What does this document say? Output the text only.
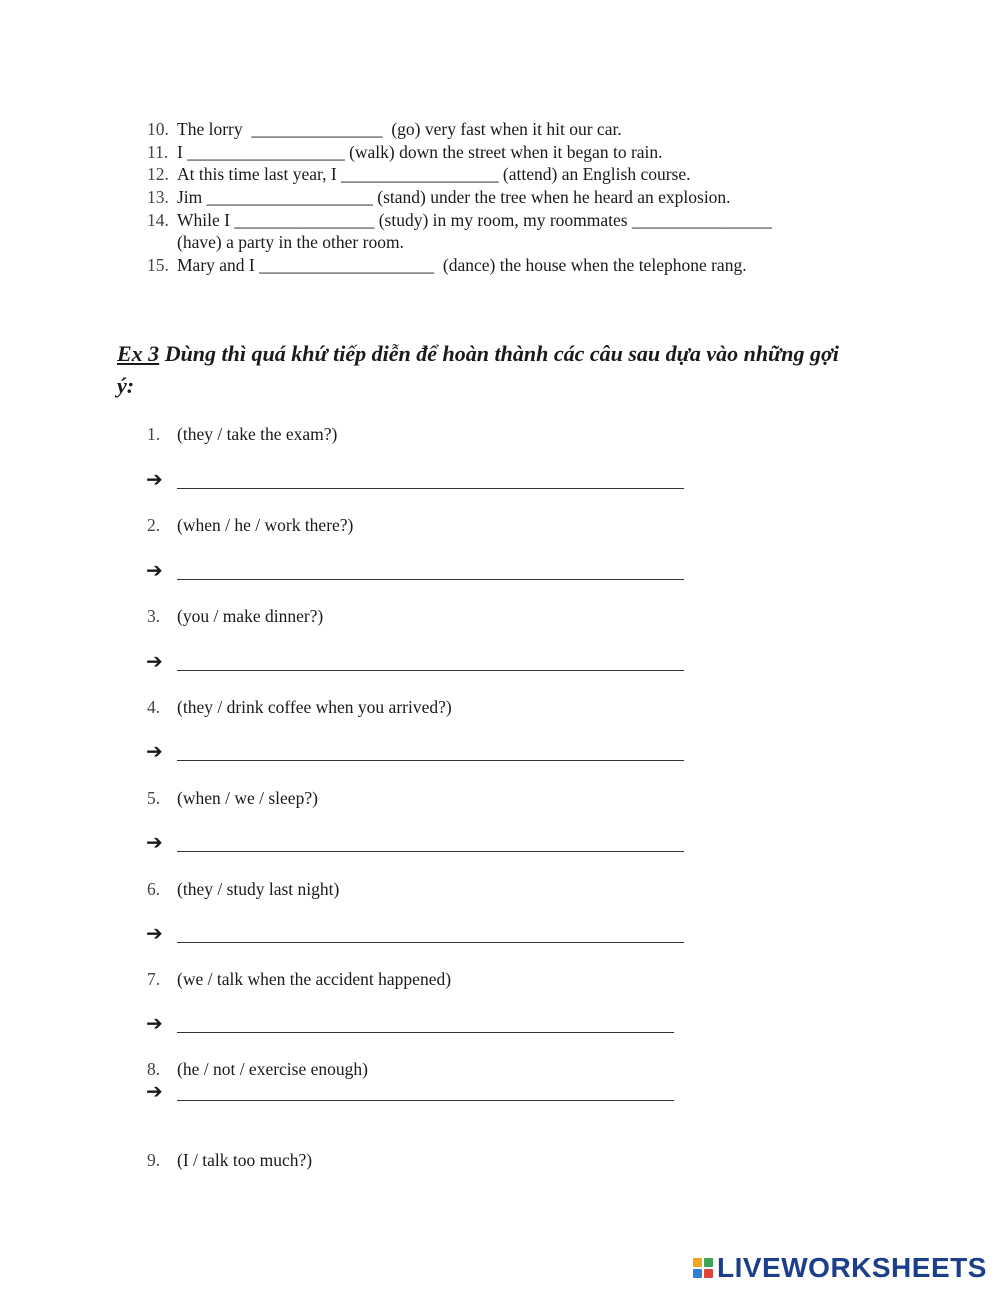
10. The lorry  _______________  (go) very fast when it hit our car.
11. I __________________ (walk) down the street when it began to rain.
12. At this time last year, I __________________ (attend) an English course.
13. Jim ___________________ (stand) under the tree when he heard an explosion.
14. While I ________________ (study) in my room, my roommates ________________
(have) a party in the other room.
15. Mary and I ____________________  (dance) the house when the telephone rang.
Ex 3 Dùng thì quá khứ tiếp diễn để hoàn thành các câu sau dựa vào những gợi
ý:
1. (they / take the exam?)
➔
2. (when / he / work there?)
➔
3. (you / make dinner?)
➔
4. (they / drink coffee when you arrived?)
➔
5. (when / we / sleep?)
➔
6. (they / study last night)
➔
7. (we / talk when the accident happened)
➔
8. (he / not / exercise enough)
➔
9. (I / talk too much?)
LIVEWORKSHEETS
